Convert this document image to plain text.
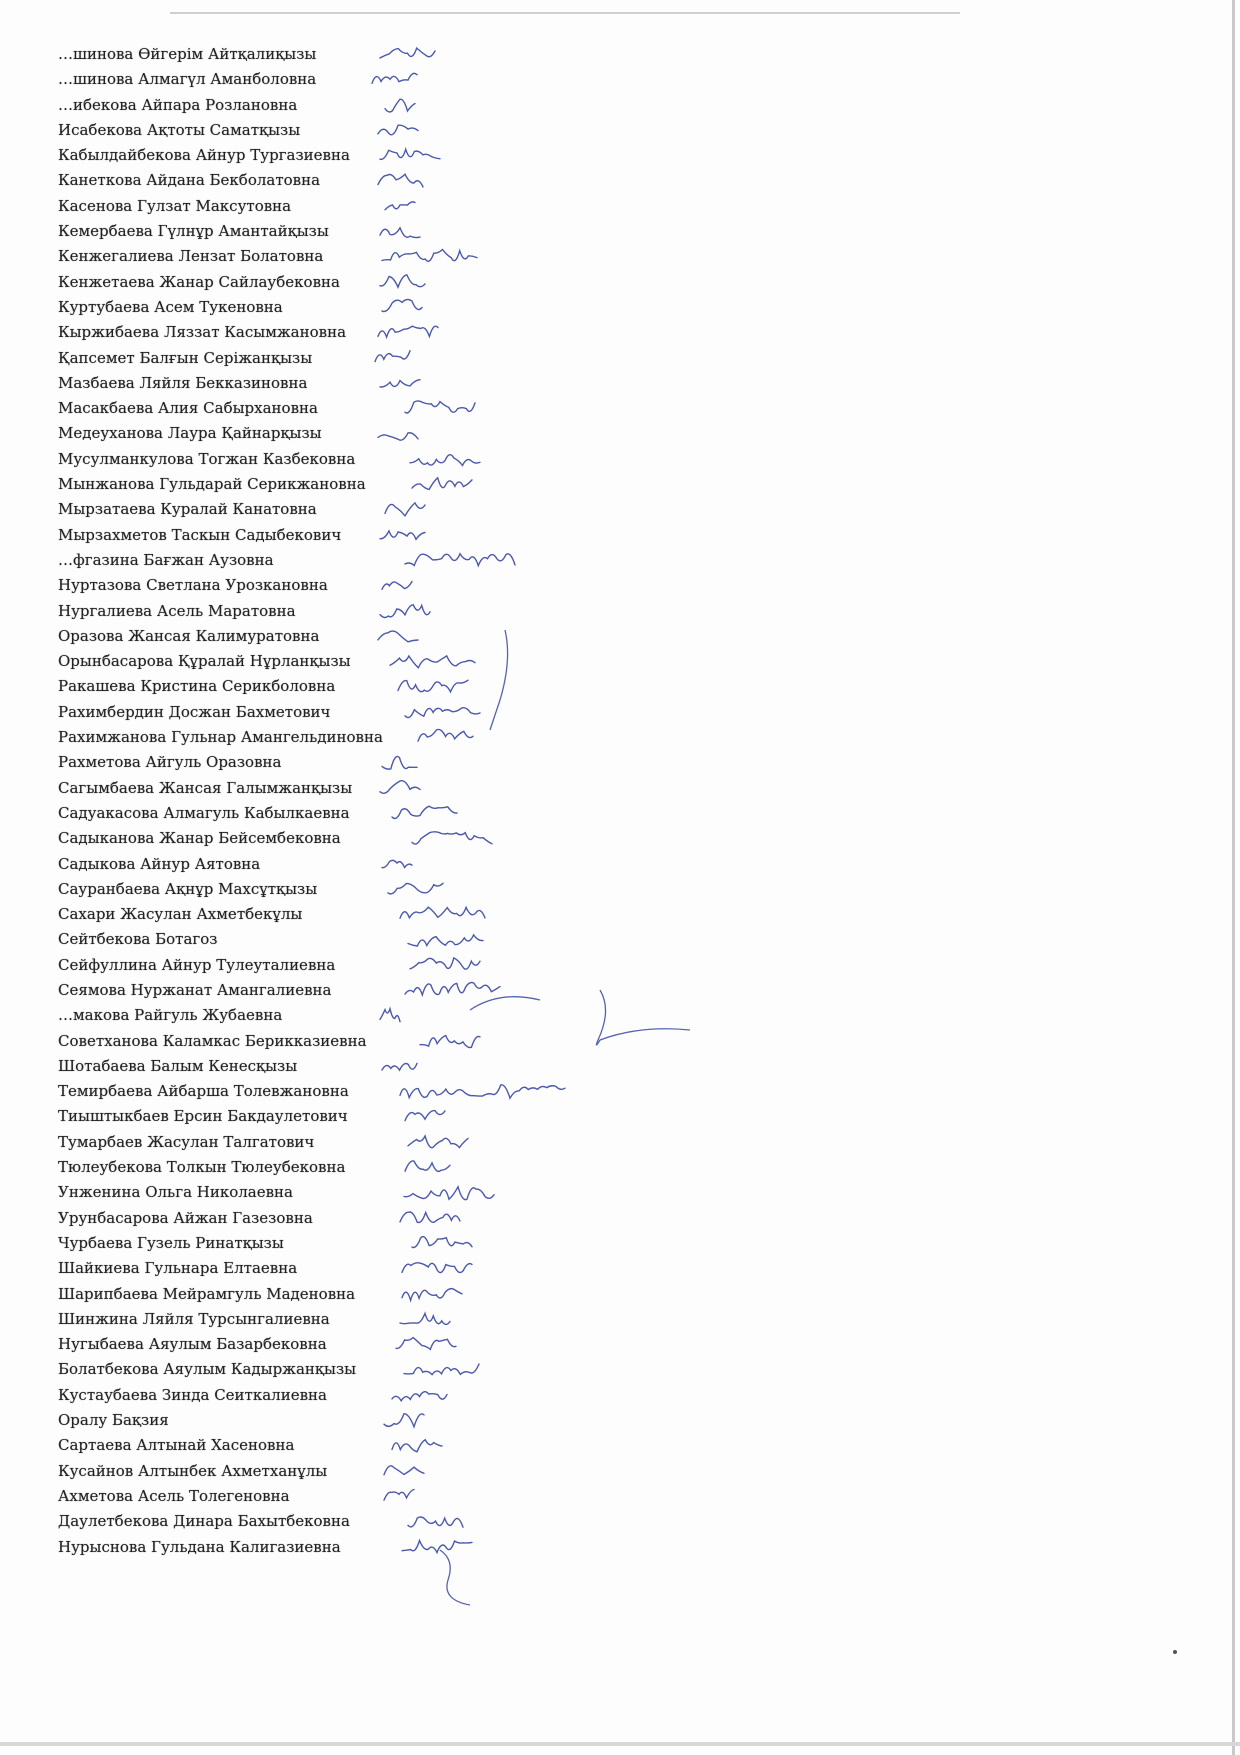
…шинова Өйгерім Айтқалиқызы
…шинова Алмагүл Аманболовна
…ибекова Айпара Розлановна
Исабекова Ақтоты Саматқызы
Кабылдайбекова Айнур Тургазиевна
Канеткова Айдана Бекболатовна
Касенова Гулзат Максутовна
Кемербаева Гүлнұр Амантайқызы
Кенжегалиева Лензат Болатовна
Кенжетаева Жанар Сайлаубековна
Куртубаева Асем Тукеновна
Кыржибаева Ляззат Касымжановна
Қапсемет Балғын Серiжанқызы
Мазбаева Ляйля Бекказиновна
Масакбаева Алия Сабырхановна
Медеуханова Лаура Қайнарқызы
Мусулманкулова Тогжан Казбековна
Мынжанова Гульдарай Серикжановна
Мырзатаева Куралай Канатовна
Мырзахметов Таскын Садыбекович
…фгазина Бағжан Аузовна
Нуртазова Светлана Урозкановна
Нургалиева Асель Маратовна
Оразова Жансая Калимуратовна
Орынбасарова Құралай Нұрланқызы
Ракашева Кристина Серикболовна
Рахимбердин Досжан Бахметович
Рахимжанова Гульнар Амангельдиновна
Рахметова Айгуль Оразовна
Сагымбаева Жансая Галымжанқызы
Садуакасова Алмагуль Кабылкаевна
Садыканова Жанар Бейсембековна
Садыкова Айнур Аятовна
Сауранбаева Ақнұр Махсұтқызы
Сахари Жасулан Ахметбекұлы
Сейтбекова Ботагоз
Сейфуллина Айнур Тулеуталиевна
Сеямова Нуржанат Амангалиевна
…макова Райгуль Жубаевна
Советханова Каламкас Берикказиевна
Шотабаева Балым Кенесқызы
Темирбаева Айбарша Толевжановна
Тиыштыкбаев Ерсин Бакдаулетович
Тумарбаев Жасулан Талгатович
Тюлеубекова Толкын Тюлеубековна
Унженина Ольга Николаевна
Урунбасарова Айжан Газезовна
Чурбаева Гузель Ринатқызы
Шайкиева Гульнара Елтаевна
Шарипбаева Мейрамгуль Маденовна
Шинжина Ляйля Турсынгалиевна
Нугыбаева Аяулым Базарбековна
Болатбекова Аяулым Кадыржанқызы
Кустаубаева Зинда Сеиткалиевна
Оралу Бақзия
Сартаева Алтынай Хасеновна
Кусайнов Алтынбек Ахметханұлы
Ахметова Асель Толегеновна
Даулетбекова Динара Бахытбековна
Нурыснова Гульдана Калигазиевна
